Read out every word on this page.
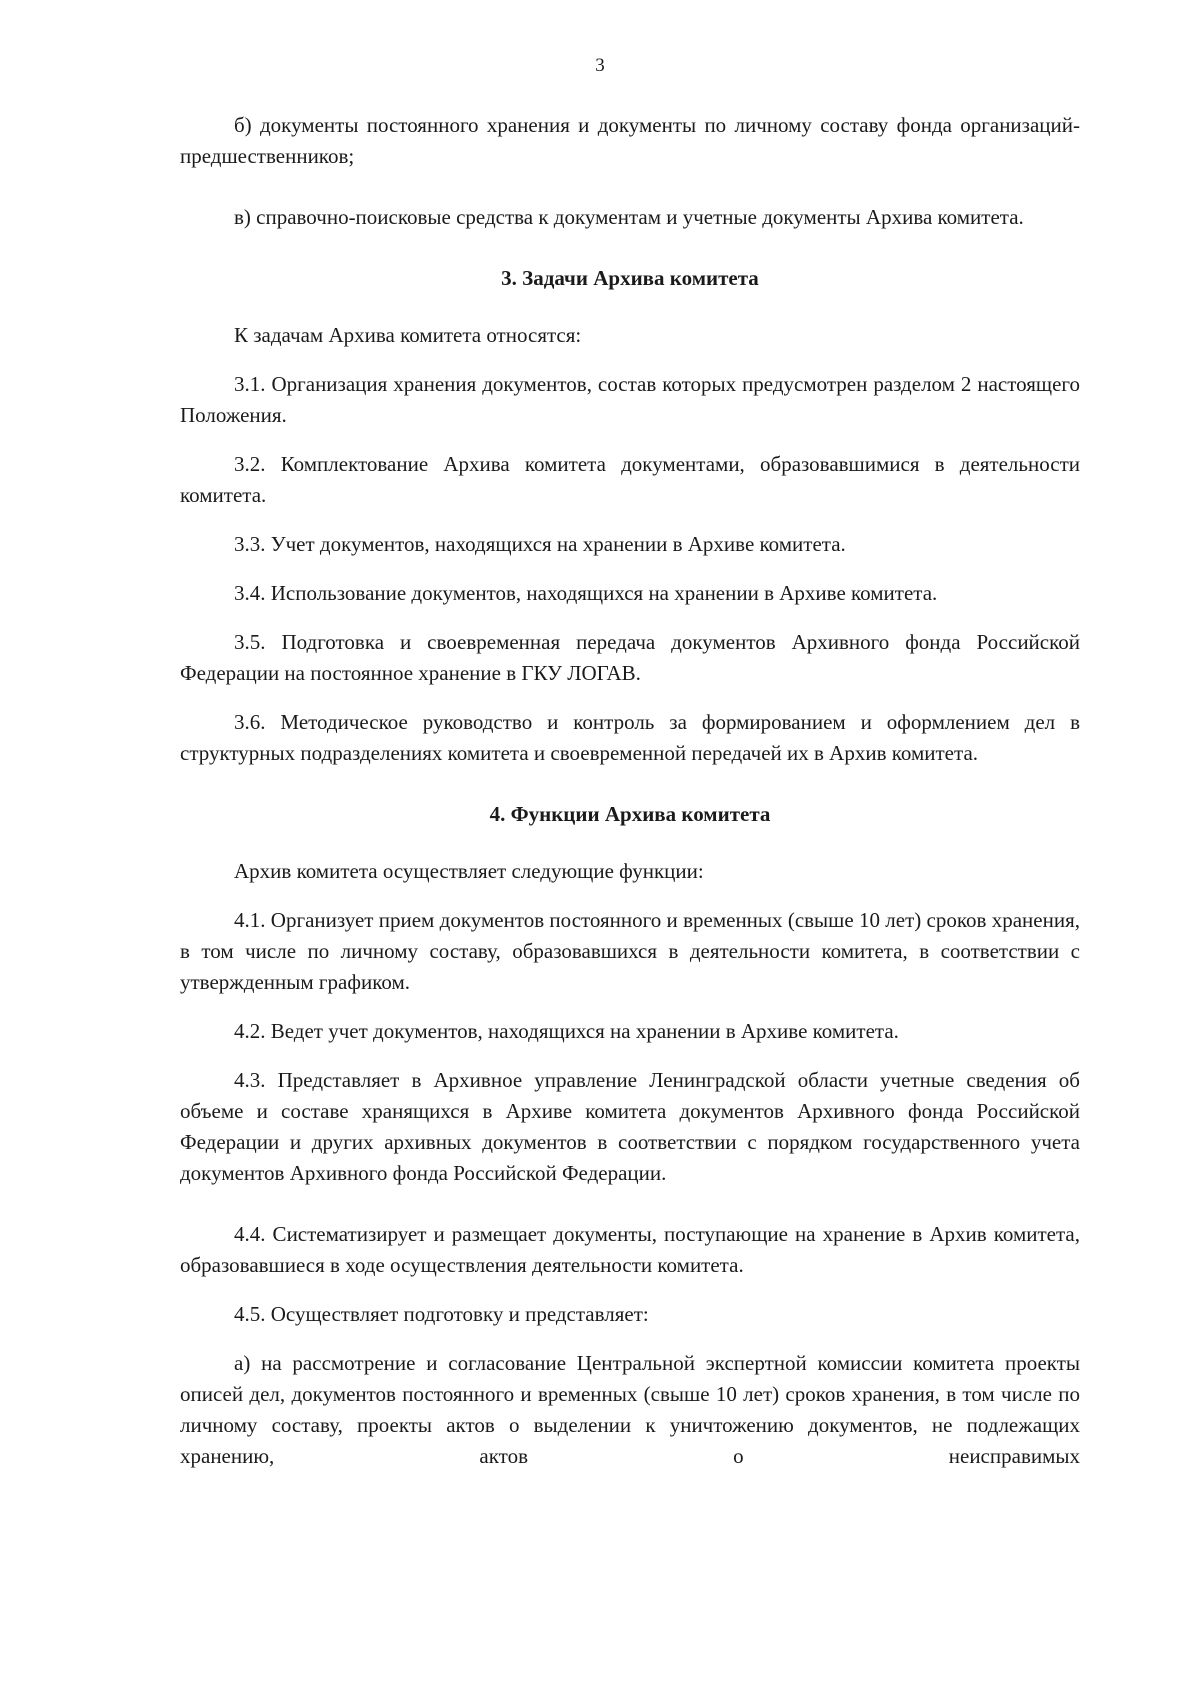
3

б) документы постоянного хранения и документы по личному составу фонда организаций-предшественников;

в) справочно-поисковые средства к документам и учетные документы Архива комитета.

3. Задачи Архива комитета

К задачам Архива комитета относятся:

3.1. Организация хранения документов, состав которых предусмотрен разделом 2 настоящего Положения.

3.2. Комплектование Архива комитета документами, образовавшимися в деятельности комитета.

3.3. Учет документов, находящихся на хранении в Архиве комитета.

3.4. Использование документов, находящихся на хранении в Архиве комитета.

3.5. Подготовка и своевременная передача документов Архивного фонда Российской Федерации на постоянное хранение в ГКУ ЛОГАВ.

3.6. Методическое руководство и контроль за формированием и оформлением дел в структурных подразделениях комитета и своевременной передачей их в Архив комитета.

4. Функции Архива комитета

Архив комитета осуществляет следующие функции:

4.1. Организует прием документов постоянного и временных (свыше 10 лет) сроков хранения, в том числе по личному составу, образовавшихся в деятельности комитета, в соответствии с утвержденным графиком.

4.2. Ведет учет документов, находящихся на хранении в Архиве комитета.

4.3. Представляет в Архивное управление Ленинградской области учетные сведения об объеме и составе хранящихся в Архиве комитета документов Архивного фонда Российской Федерации и других архивных документов в соответствии с порядком государственного учета документов Архивного фонда Российской Федерации.

4.4. Систематизирует и размещает документы, поступающие на хранение в Архив комитета, образовавшиеся в ходе осуществления деятельности комитета.

4.5. Осуществляет подготовку и представляет:

а) на рассмотрение и согласование Центральной экспертной комиссии комитета проекты описей дел, документов постоянного и временных (свыше 10 лет) сроков хранения, в том числе по личному составу, проекты актов о выделении к уничтожению документов, не подлежащих хранению, актов о неисправимых
